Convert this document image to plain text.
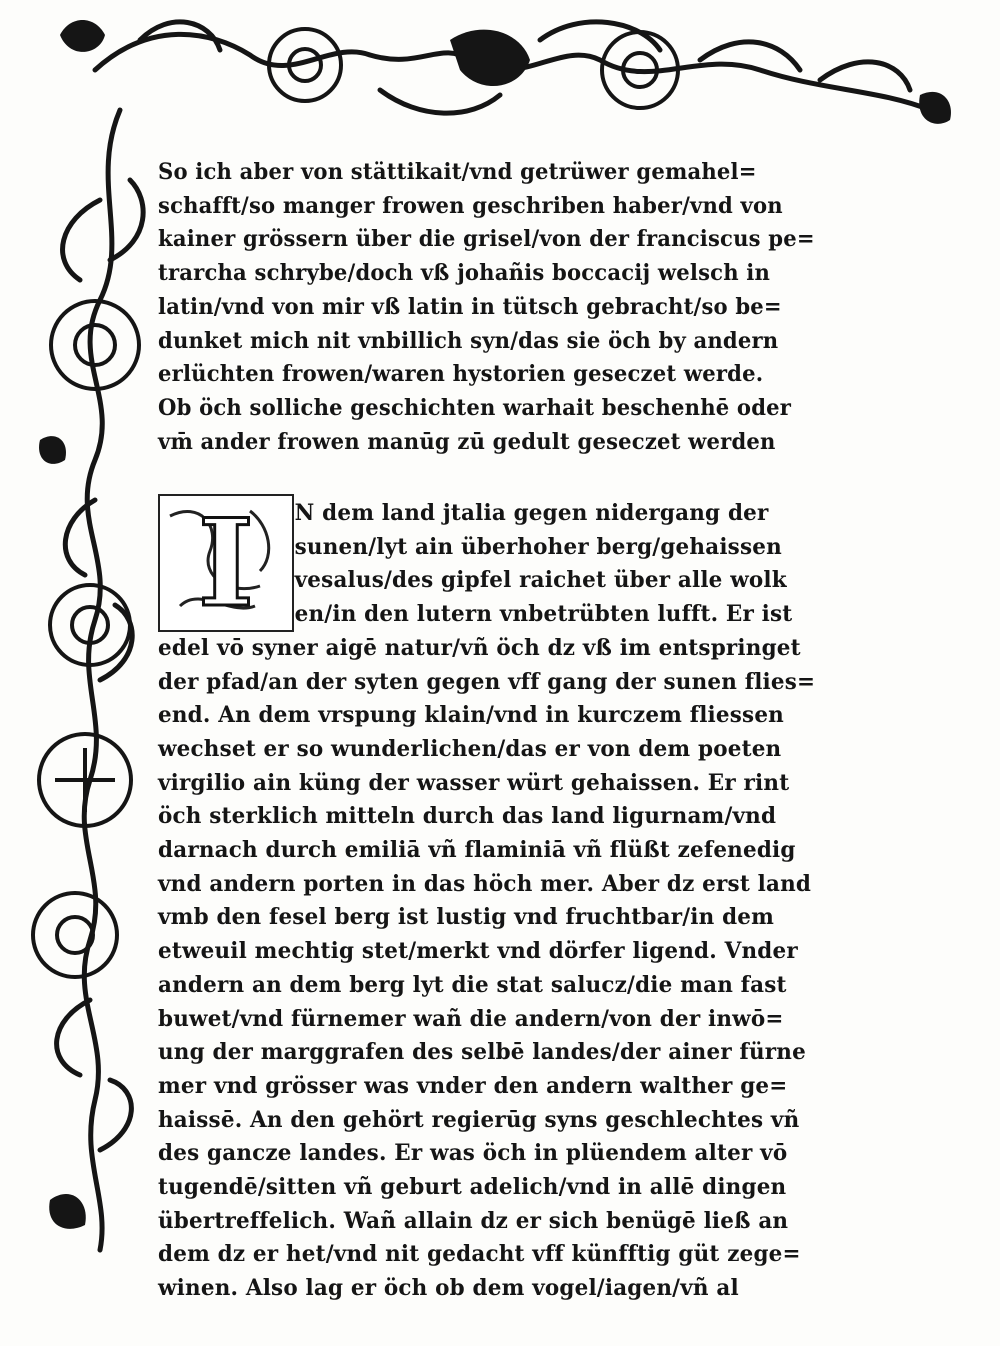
So ich aber von stättikait/vnd getrüwer gemahel=
schafft/so manger frowen geschriben haber/vnd von
kainer grössern über die grisel/von der franciscus pe=
trarcha schrybe/doch vß johañis boccacij welsch in
latin/vnd von mir vß latin in tütsch gebracht/so be=
dunket mich nit vnbillich syn/das sie öch by andern
erlüchten frowen/waren hystorien geseczet werde.
Ob öch solliche geschichten warhait beschenhē oder
vm̄ ander frowen manūg zū gedult geseczet werden
I	N dem land jtalia gegen nidergang der
sunen/lyt ain überhoher berg/gehaissen
vesalus/des gipfel raichet über alle wolk
en/in den lutern vnbetrübten lufft. Er ist
edel vō syner aigē natur/vñ öch dz vß im entspringet
der pfad/an der syten gegen vff gang der sunen flies=
end. An dem vrspung klain/vnd in kurczem fliessen
wechset er so wunderlichen/das er von dem poeten
virgilio ain küng der wasser würt gehaissen. Er rint
öch sterklich mitteln durch das land ligurnam/vnd
darnach durch emiliā vñ flaminiā vñ flüßt zefenedig
vnd andern porten in das höch mer. Aber dz erst land
vmb den fesel berg ist lustig vnd fruchtbar/in dem
etweuil mechtig stet/merkt vnd dörfer ligend. Vnder
andern an dem berg lyt die stat salucz/die man fast
buwet/vnd fürnemer wañ die andern/von der inwō=
ung der marggrafen des selbē landes/der ainer fürne
mer vnd grösser was vnder den andern walther ge=
haissē. An den gehört regierūg syns geschlechtes vñ
des gancze landes. Er was öch in plüendem alter vō
tugendē/sitten vñ geburt adelich/vnd in allē dingen
übertreffelich. Wañ allain dz er sich benügē ließ an
dem dz er het/vnd nit gedacht vff künfftig güt zege=
winen. Also lag er öch ob dem vogel/iagen/vñ al
